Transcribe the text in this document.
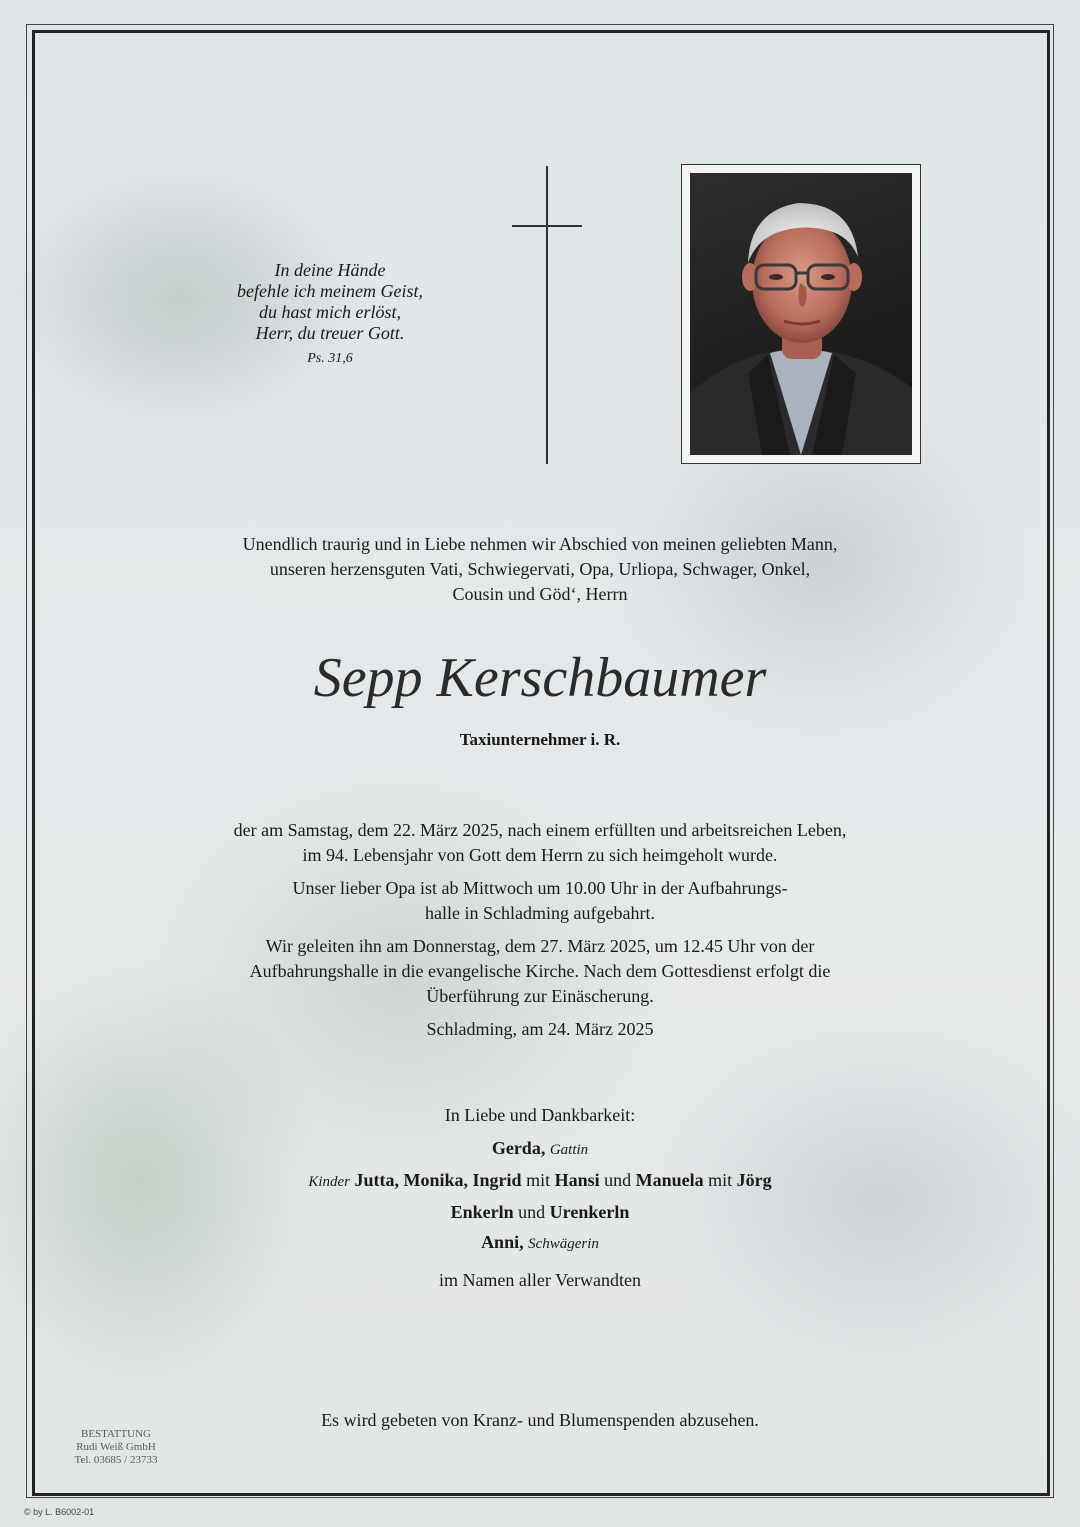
In deine Hände
befehle ich meinem Geist,
du hast mich erlöst,
Herr, du treuer Gott.
Ps. 31,6
Unendlich traurig und in Liebe nehmen wir Abschied von meinen geliebten Mann,
unseren herzensguten Vati, Schwiegervati, Opa, Urliopa, Schwager, Onkel,
Cousin und Göd‘, Herrn
Sepp Kerschbaumer
Taxiunternehmer i. R.

der am Samstag, dem 22. März 2025, nach einem erfüllten und arbeitsreichen Leben,
im 94. Lebensjahr von Gott dem Herrn zu sich heimgeholt wurde.

Unser lieber Opa ist ab Mittwoch um 10.00 Uhr in der Aufbahrungs-
halle in Schladming aufgebahrt.

Wir geleiten ihn am Donnerstag, dem 27. März 2025, um 12.45 Uhr von der
Aufbahrungshalle in die evangelische Kirche. Nach dem Gottesdienst erfolgt die
Überführung zur Einäscherung.

Schladming, am 24. März 2025

In Liebe und Dankbarkeit:
Gerda, Gattin
Kinder Jutta, Monika, Ingrid mit Hansi und Manuela mit Jörg
Enkerln und Urenkerln
Anni, Schwägerin
im Namen aller Verwandten
Es wird gebeten von Kranz- und Blumenspenden abzusehen.
BESTATTUNG
Rudi Weiß GmbH
Tel. 03685 / 23733
© by L. B6002-01
